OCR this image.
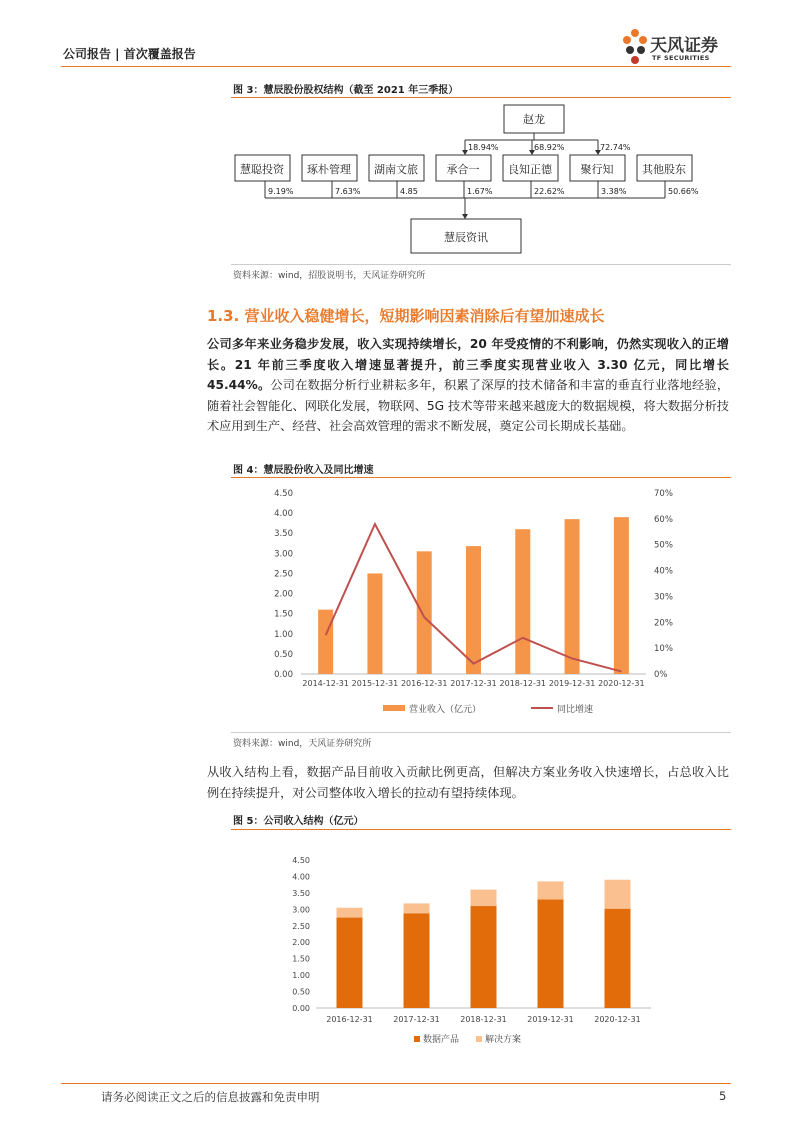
公司报告 | 首次覆盖报告	天风证券
TF SECURITIES
图 3：慧辰股份股权结构（截至 2021 年三季报）
赵龙
18.94%	68.92%	72.74%
慧聪投资 琢朴管理 湖南文旅	承合一	良知正德	聚行知	其他股东
9.19%	7.63%	4.85	1.67%	22.62%	3.38%	50.66%
慧辰资讯
资料来源：wind，招股说明书，天风证券研究所
1.3. 营业收入稳健增长，短期影响因素消除后有望加速成长
公司多年来业务稳步发展，收入实现持续增长，20 年受疫情的不利影响，仍然实现收入的正增长。21 年前三季度收入增速显著提升，前三季度实现营业收入 3.30 亿元，同比增长 45.44%。公司在数据分析行业耕耘多年，积累了深厚的技术储备和丰富的垂直行业落地经验，随着社会智能化、网联化发展，物联网、5G 技术等带来越来越庞大的数据规模，将大数据分析技术应用到生产、经营、社会高效管理的需求不断发展，奠定公司长期成长基础。
图 4：慧辰股份收入及同比增速
0.00
0.50
1.00
1.50
2.00
2.50
3.00
3.50
4.00
4.50
0%
10%
20%
30%
40%
50%
60%
70%
2014-12-31 2015-12-31 2016-12-31 2017-12-31 2018-12-31 2019-12-31 2020-12-31
营业收入（亿元）	同比增速
资料来源：wind，天风证券研究所
从收入结构上看，数据产品目前收入贡献比例更高，但解决方案业务收入快速增长，占总收入比例在持续提升，对公司整体收入增长的拉动有望持续体现。
图 5：公司收入结构（亿元）
0.00
0.50
1.00
1.50
2.00
2.50
3.00
3.50
4.00
4.50
2016-12-31	2017-12-31	2018-12-31	2019-12-31	2020-12-31
数据产品	解决方案
请务必阅读正文之后的信息披露和免责申明	5
